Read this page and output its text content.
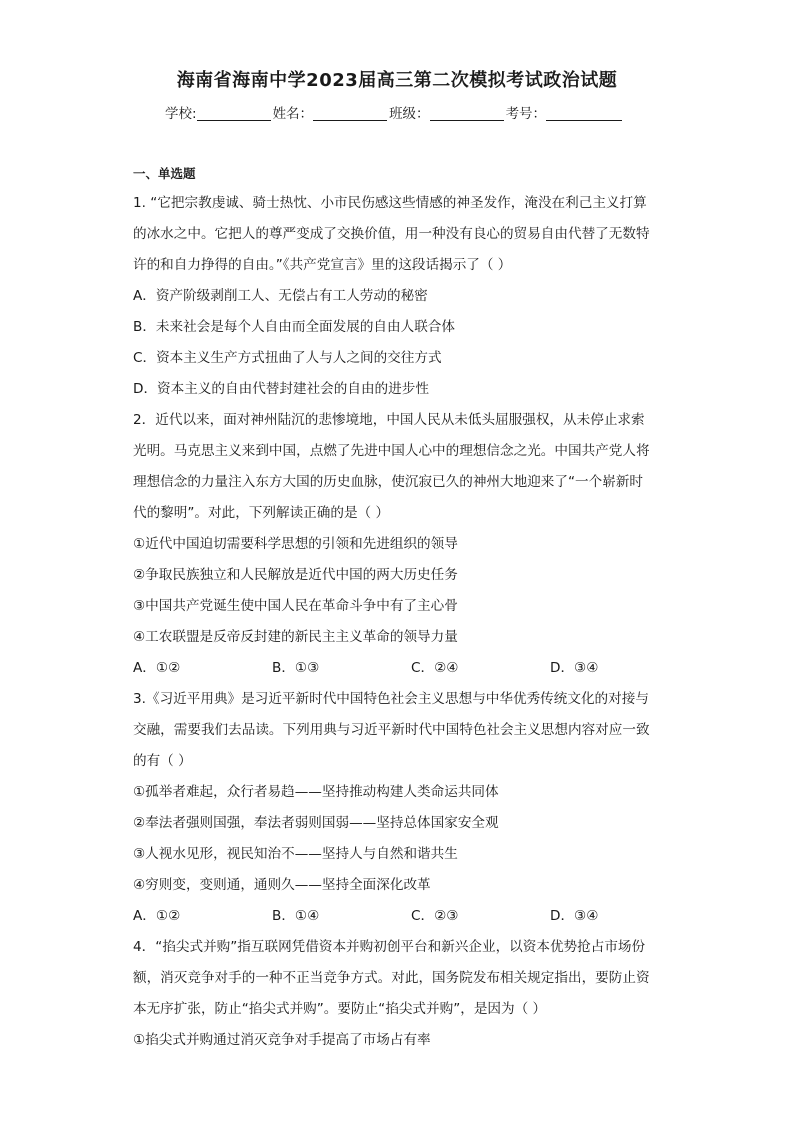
海南省海南中学2023届高三第二次模拟考试政治试题
学校:	姓名：	班级：	考号：
一、单选题
1. “它把宗教虔诚、骑士热忱、小市民伤感这些情感的神圣发作，淹没在利己主义打算
的冰水之中。它把人的尊严变成了交换价值，用一种没有良心的贸易自由代替了无数特
许的和自力挣得的自由。”《共产党宣言》里的这段话揭示了（ ）
A．资产阶级剥削工人、无偿占有工人劳动的秘密
B．未来社会是每个人自由而全面发展的自由人联合体
C．资本主义生产方式扭曲了人与人之间的交往方式
D．资本主义的自由代替封建社会的自由的进步性
2．近代以来，面对神州陆沉的悲惨境地，中国人民从未低头屈服强权，从未停止求索
光明。马克思主义来到中国，点燃了先进中国人心中的理想信念之光。中国共产党人将
理想信念的力量注入东方大国的历史血脉，使沉寂已久的神州大地迎来了“一个崭新时
代的黎明”。对此，下列解读正确的是（ ）
①近代中国迫切需要科学思想的引领和先进组织的领导
②争取民族独立和人民解放是近代中国的两大历史任务
③中国共产党诞生使中国人民在革命斗争中有了主心骨
④工农联盟是反帝反封建的新民主主义革命的领导力量
A．①②	B．①③	C．②④	D．③④
3.《习近平用典》是习近平新时代中国特色社会主义思想与中华优秀传统文化的对接与
交融，需要我们去品读。下列用典与习近平新时代中国特色社会主义思想内容对应一致
的有（ ）
①孤举者难起，众行者易趋——坚持推动构建人类命运共同体
②奉法者强则国强，奉法者弱则国弱——坚持总体国家安全观
③人视水见形，视民知治不——坚持人与自然和谐共生
④穷则变，变则通，通则久——坚持全面深化改革
A．①②	B．①④	C．②③	D．③④
4．“掐尖式并购”指互联网凭借资本并购初创平台和新兴企业，以资本优势抢占市场份
额，消灭竞争对手的一种不正当竞争方式。对此，国务院发布相关规定指出，要防止资
本无序扩张，防止“掐尖式并购”。要防止“掐尖式并购”，是因为（ ）
①掐尖式并购通过消灭竞争对手提高了市场占有率
